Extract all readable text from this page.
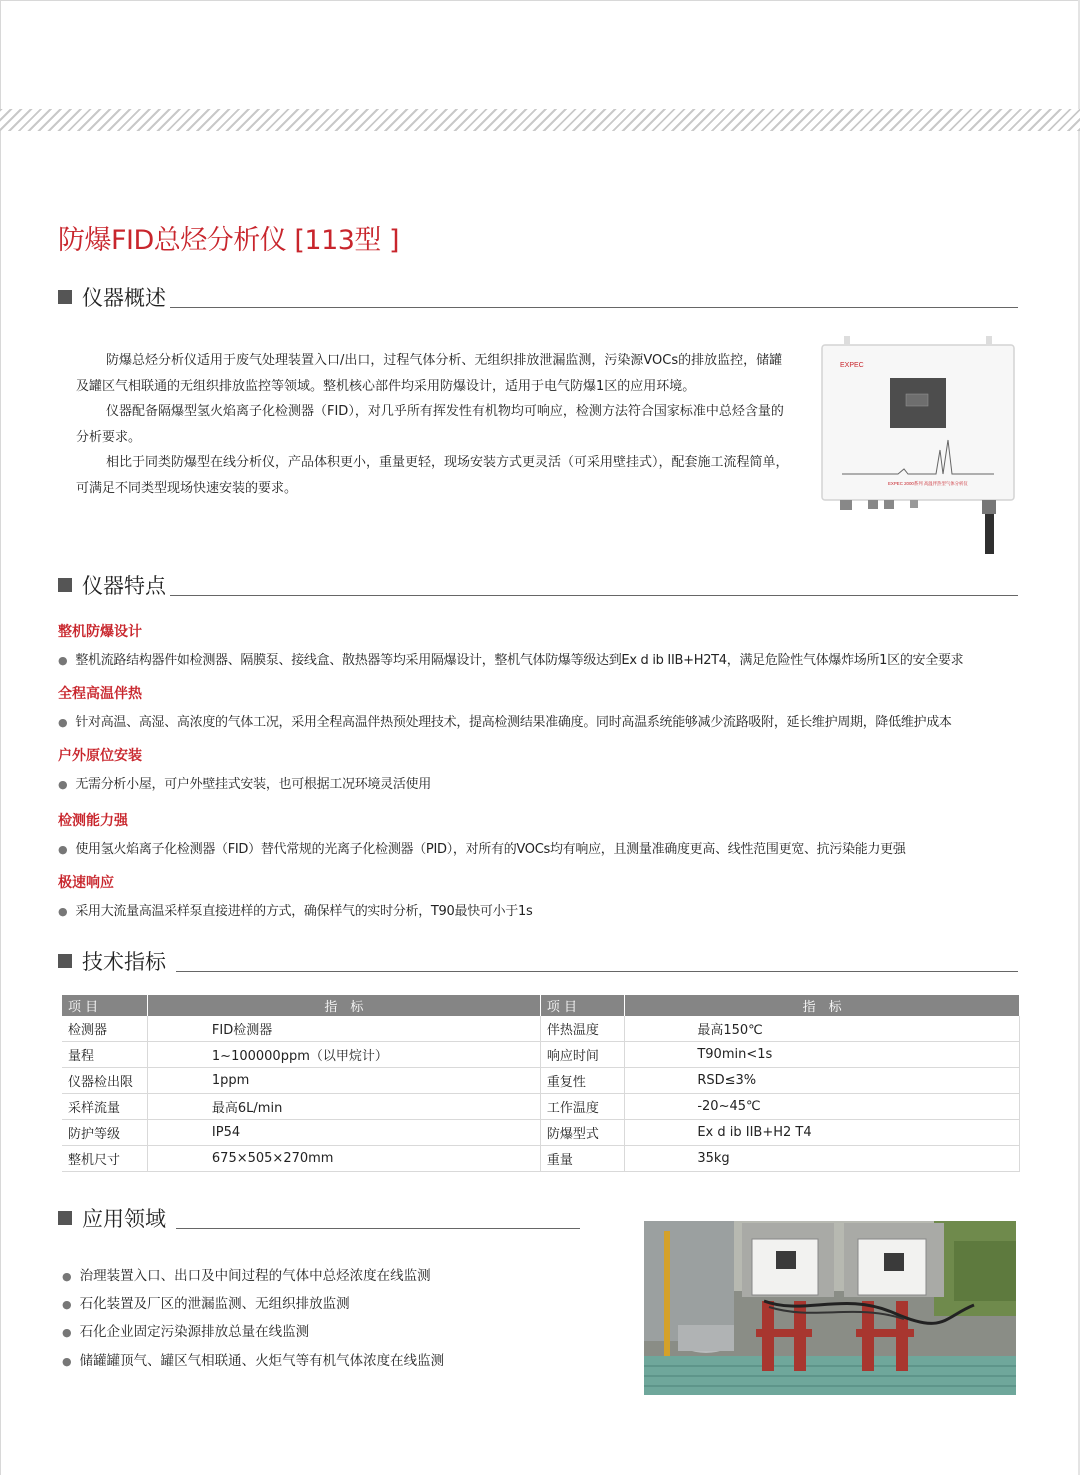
防爆FID总烃分析仪 [113型 ]
仪器概述

防爆总烃分析仪适用于废气处理装置入口/出口，过程气体分析、无组织排放泄漏监测，污染源VOCs的排放监控，储罐及罐区气相联通的无组织排放监控等领域。整机核心部件均采用防爆设计，适用于电气防爆1区的应用环境。

仪器配备隔爆型氢火焰离子化检测器（FID），对几乎所有挥发性有机物均可响应，检测方法符合国家标准中总烃含量的分析要求。

相比于同类防爆型在线分析仪，产品体积更小，重量更轻，现场安装方式更灵活（可采用壁挂式），配套施工流程简单，可满足不同类型现场快速安装的要求。

EXPEC
EXPEC 2000系列 高温伴热型气体分析仪
仪器特点
整机防爆设计
● 整机流路结构器件如检测器、隔膜泵、接线盒、散热器等均采用隔爆设计，整机气体防爆等级达到Ex d ib IIB+H2T4，满足危险性气体爆炸场所1区的安全要求
全程高温伴热
● 针对高温、高湿、高浓度的气体工况，采用全程高温伴热预处理技术，提高检测结果准确度。同时高温系统能够减少流路吸附，延长维护周期，降低维护成本
户外原位安装
● 无需分析小屋，可户外壁挂式安装，也可根据工况环境灵活使用
检测能力强
● 使用氢火焰离子化检测器（FID）替代常规的光离子化检测器（PID），对所有的VOCs均有响应，且测量准确度更高、线性范围更宽、抗污染能力更强
极速响应
● 采用大流量高温采样泵直接进样的方式，确保样气的实时分析，T90最快可小于1s
技术指标
项 目	指　标	项 目	指　标
检测器	FID检测器	伴热温度	最高150℃
量程	1~100000ppm（以甲烷计）	响应时间	T90min<1s
仪器检出限	1ppm	重复性	RSD≤3%
采样流量	最高6L/min	工作温度	-20~45℃
防护等级	IP54	防爆型式	Ex d ib IIB+H2 T4
整机尺寸	675×505×270mm	重量	35kg
应用领域
● 治理装置入口、出口及中间过程的气体中总烃浓度在线监测
● 石化装置及厂区的泄漏监测、无组织排放监测
● 石化企业固定污染源排放总量在线监测
● 储罐罐顶气、罐区气相联通、火炬气等有机气体浓度在线监测
